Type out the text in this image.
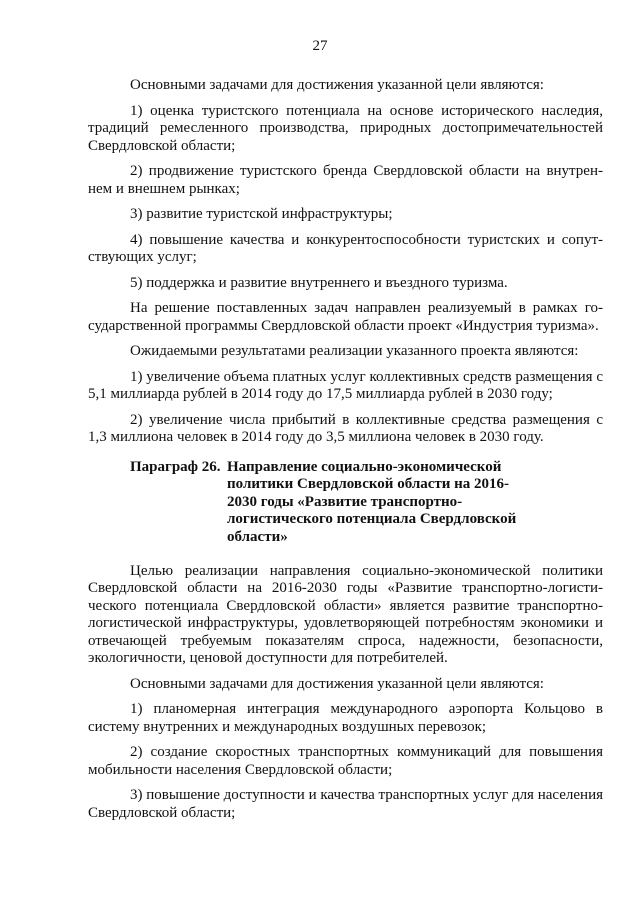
27

Основными задачами для достижения указанной цели являются:

1) оценка туристского потенциала на основе исторического наследия, традиций ремесленного производства, природных достопримечательностей Свердловской области;

2) продвижение туристского бренда Свердловской области на внутреннем и внешнем рынках;

3) развитие туристской инфраструктуры;

4) повышение качества и конкурентоспособности туристских и сопутствующих услуг;

5) поддержка и развитие внутреннего и въездного туризма.

На решение поставленных задач направлен реализуемый в рамках государственной программы Свердловской области проект «Индустрия туризма».

Ожидаемыми результатами реализации указанного проекта являются:

1) увеличение объема платных услуг коллективных средств размещения с 5,1 миллиарда рублей в 2014 году до 17,5 миллиарда рублей в 2030 году;

2) увеличение числа прибытий в коллективные средства размещения с 1,3 миллиона человек в 2014 году до 3,5 миллиона человек в 2030 году.

Параграф 26. Направление социально-экономической политики Свердловской области на 2016-2030 годы «Развитие транспортно-логистического потенциала Свердловской области»

Целью реализации направления социально-экономической политики Свердловской области на 2016-2030 годы «Развитие транспортно-логистического потенциала Свердловской области» является развитие транспортно-логистической инфраструктуры, удовлетворяющей потребностям экономики и отвечающей требуемым показателям спроса, надежности, безопасности, экологичности, ценовой доступности для потребителей.

Основными задачами для достижения указанной цели являются:

1) планомерная интеграция международного аэропорта Кольцово в систему внутренних и международных воздушных перевозок;

2) создание скоростных транспортных коммуникаций для повышения мобильности населения Свердловской области;

3) повышение доступности и качества транспортных услуг для населения Свердловской области;
